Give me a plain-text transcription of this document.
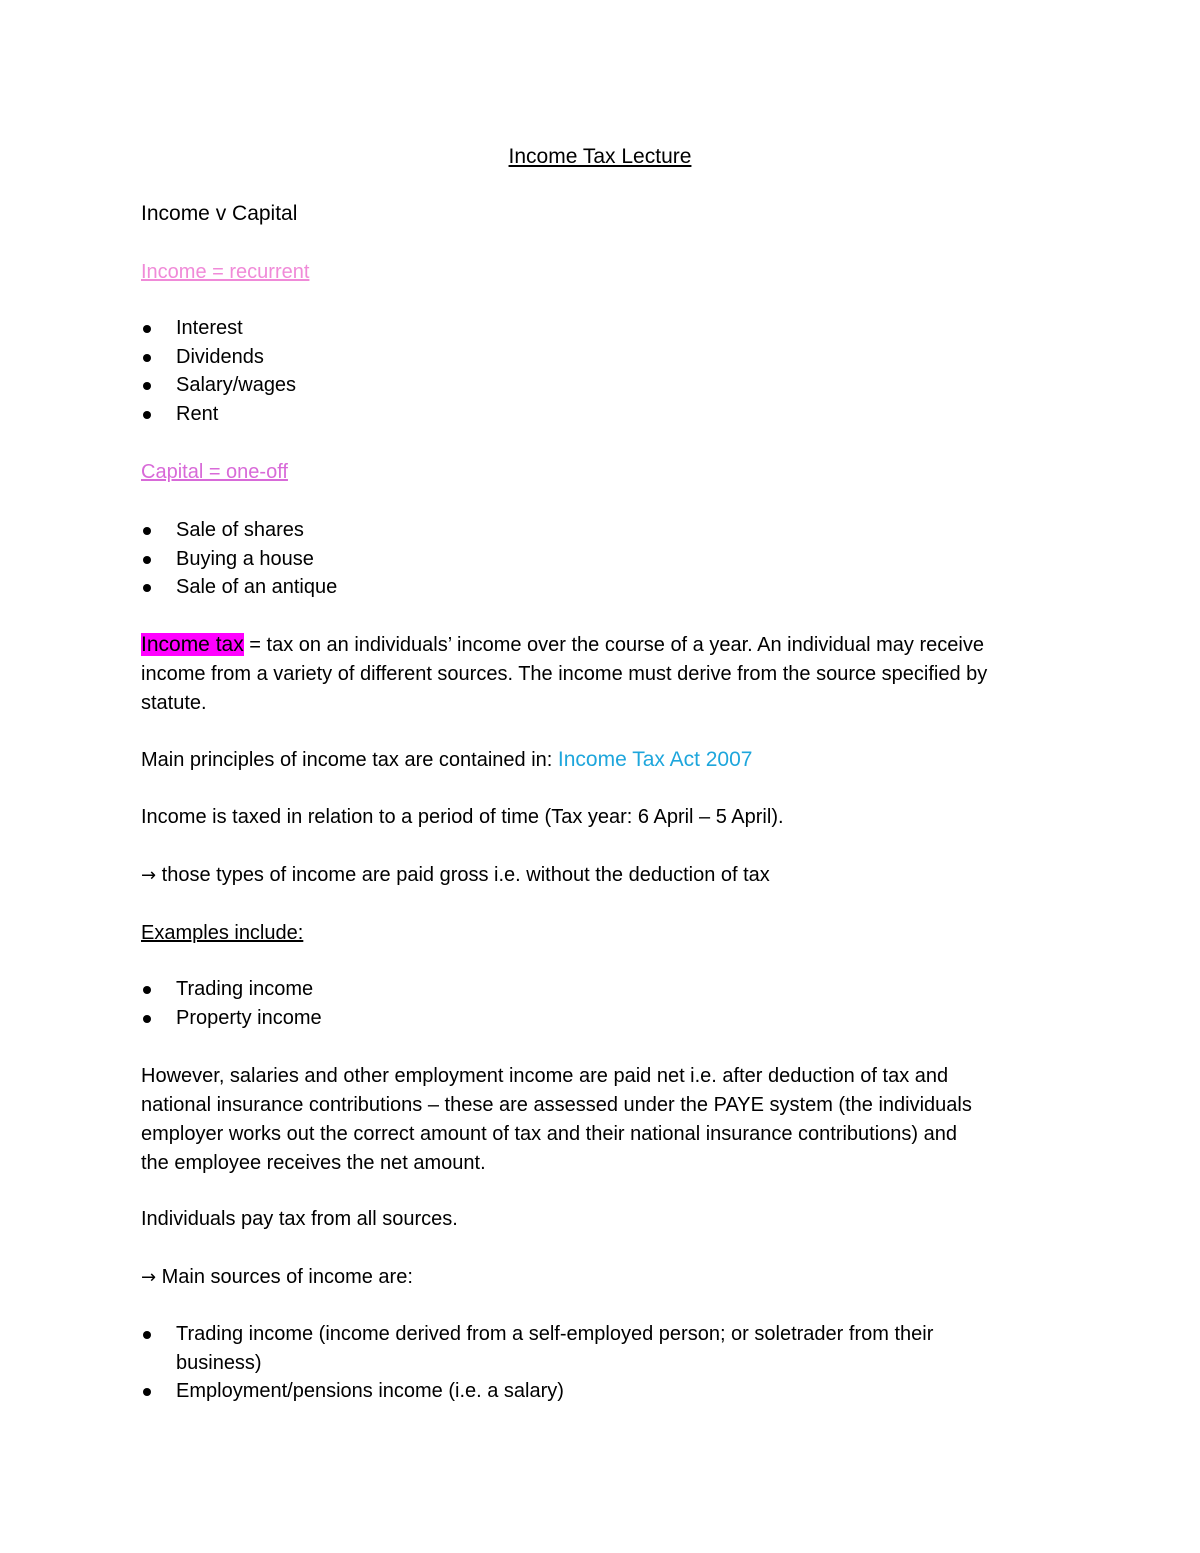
Income Tax Lecture
Income v Capital
Income = recurrent
Interest
Dividends
Salary/wages
Rent
Capital = one-off
Sale of shares
Buying a house
Sale of an antique
Income tax = tax on an individuals’ income over the course of a year. An individual may receive
income from a variety of different sources. The income must derive from the source specified by
statute.
Main principles of income tax are contained in: Income Tax Act 2007
Income is taxed in relation to a period of time (Tax year: 6 April – 5 April).
→ those types of income are paid gross i.e. without the deduction of tax
Examples include:
Trading income
Property income
However, salaries and other employment income are paid net i.e. after deduction of tax and
national insurance contributions – these are assessed under the PAYE system (the individuals
employer works out the correct amount of tax and their national insurance contributions) and
the employee receives the net amount.
Individuals pay tax from all sources.
→ Main sources of income are:
Trading income (income derived from a self-employed person; or soletrader from their
business)
Employment/pensions income (i.e. a salary)
